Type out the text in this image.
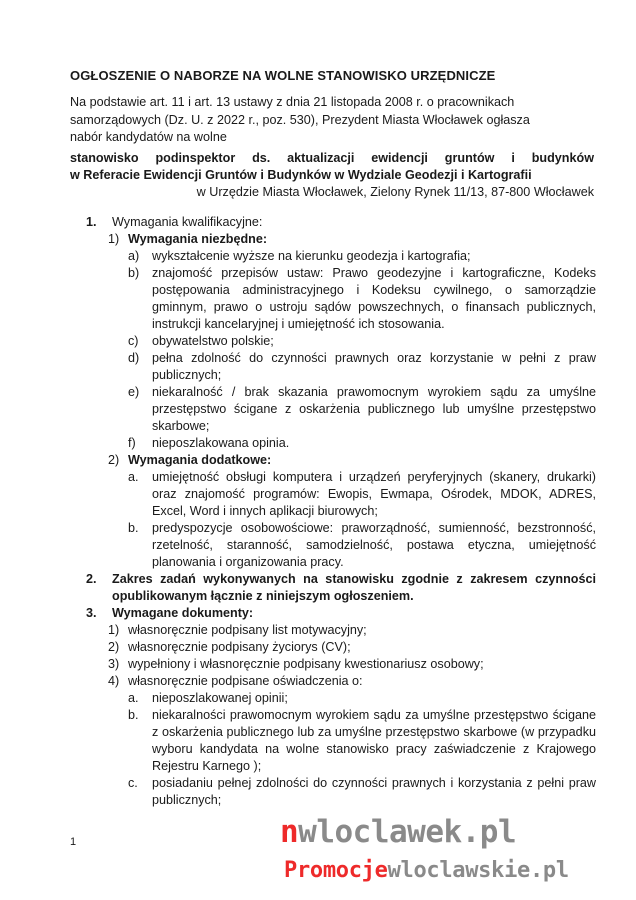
OGŁOSZENIE O NABORZE NA WOLNE STANOWISKO URZĘDNICZE
Na podstawie art. 11 i art. 13 ustawy z dnia 21 listopada 2008 r. o pracownikach
samorządowych (Dz. U. z 2022 r., poz. 530), Prezydent Miasta Włocławek ogłasza
nabór kandydatów na wolne
stanowisko podinspektor ds. aktualizacji ewidencji gruntów i budynków
w Referacie Ewidencji Gruntów i Budynków w Wydziale Geodezji i Kartografii
w Urzędzie Miasta Włocławek, Zielony Rynek 11/13, 87-800 Włocławek
1. Wymagania kwalifikacyjne:
1) Wymagania niezbędne:
a) wykształcenie wyższe na kierunku geodezja i kartografia;
b) znajomość przepisów ustaw: Prawo geodezyjne i kartograficzne, Kodeks postępowania administracyjnego i Kodeksu cywilnego, o samorządzie gminnym, prawo o ustroju sądów powszechnych, o finansach publicznych, instrukcji kancelaryjnej i umiejętność ich stosowania.
c) obywatelstwo polskie;
d) pełna zdolność do czynności prawnych oraz korzystanie w pełni z praw publicznych;
e) niekaralność / brak skazania prawomocnym wyrokiem sądu za umyślne przestępstwo ścigane z oskarżenia publicznego lub umyślne przestępstwo skarbowe;
f) nieposzlakowana opinia.
2) Wymagania dodatkowe:
a. umiejętność obsługi komputera i urządzeń peryferyjnych (skanery, drukarki) oraz znajomość programów: Ewopis, Ewmapa, Ośrodek, MDOK, ADRES, Excel, Word i innych aplikacji biurowych;
b. predyspozycje osobowościowe: praworządność, sumienność, bezstronność, rzetelność, staranność, samodzielność, postawa etyczna, umiejętność planowania i organizowania pracy.
2. Zakres zadań wykonywanych na stanowisku zgodnie z zakresem czynności opublikowanym łącznie z niniejszym ogłoszeniem.
3. Wymagane dokumenty:
1) własnoręcznie podpisany list motywacyjny;
2) własnoręcznie podpisany życiorys (CV);
3) wypełniony i własnoręcznie podpisany kwestionariusz osobowy;
4) własnoręcznie podpisane oświadczenia o:
a. nieposzlakowanej opinii;
b. niekaralności prawomocnym wyrokiem sądu za umyślne przestępstwo ścigane z oskarżenia publicznego lub za umyślne przestępstwo skarbowe (w przypadku wyboru kandydata na wolne stanowisko pracy zaświadczenie z Krajowego Rejestru Karnego );
c. posiadaniu pełnej zdolności do czynności prawnych i korzystania z pełni praw publicznych;
1	nwloclawek.pl
Promocjewloclawskie.pl
